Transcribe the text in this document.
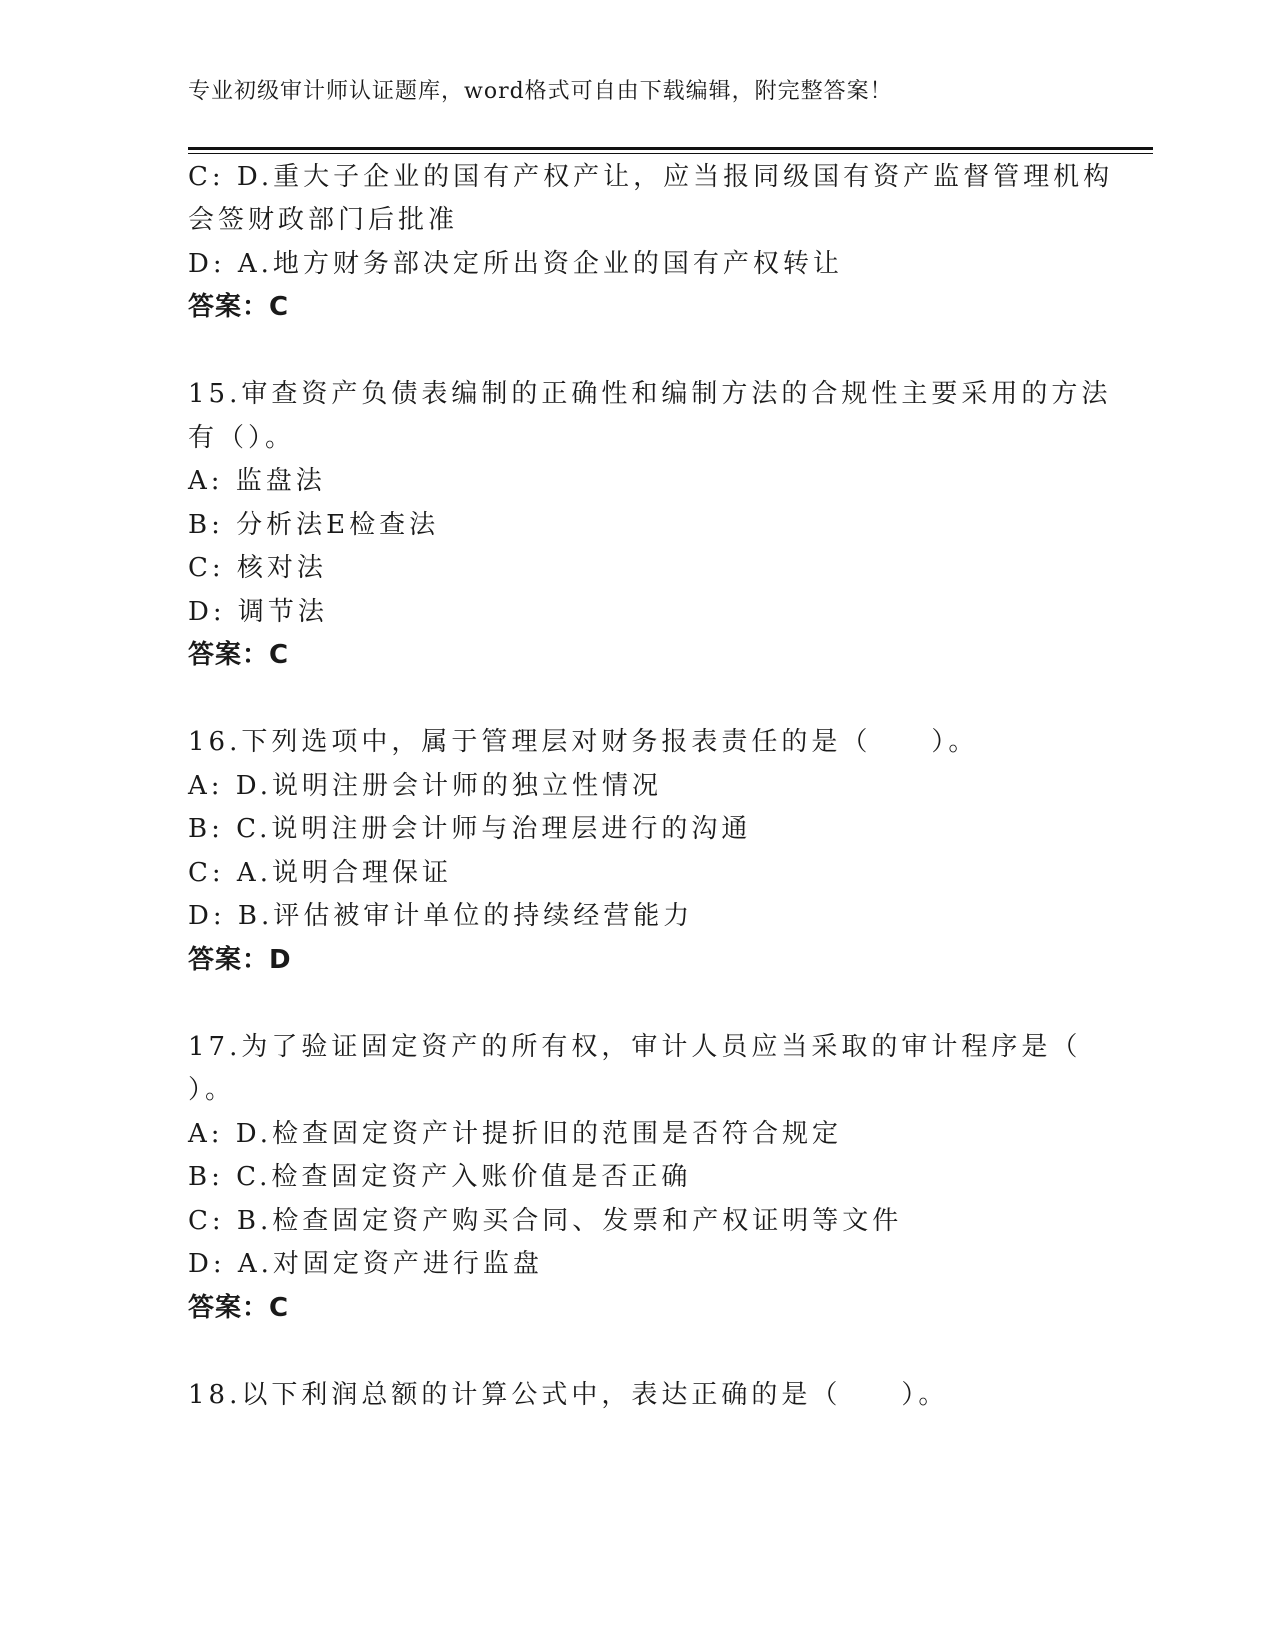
专业初级审计师认证题库，word格式可自由下载编辑，附完整答案！
C: D.重大子企业的国有产权产让，应当报同级国有资产监督管理机构
会签财政部门后批准
D: A.地方财务部决定所出资企业的国有产权转让
答案：C
15.审查资产负债表编制的正确性和编制方法的合规性主要采用的方法
有（）。
A: 监盘法
B: 分析法E检查法
C: 核对法
D: 调节法
答案：C
16.下列选项中，属于管理层对财务报表责任的是（　　）。
A: D.说明注册会计师的独立性情况
B: C.说明注册会计师与治理层进行的沟通
C: A.说明合理保证
D: B.评估被审计单位的持续经营能力
答案：D
17.为了验证固定资产的所有权，审计人员应当采取的审计程序是（
）。
A: D.检查固定资产计提折旧的范围是否符合规定
B: C.检查固定资产入账价值是否正确
C: B.检查固定资产购买合同、发票和产权证明等文件
D: A.对固定资产进行监盘
答案：C
18.以下利润总额的计算公式中，表达正确的是（　　）。
